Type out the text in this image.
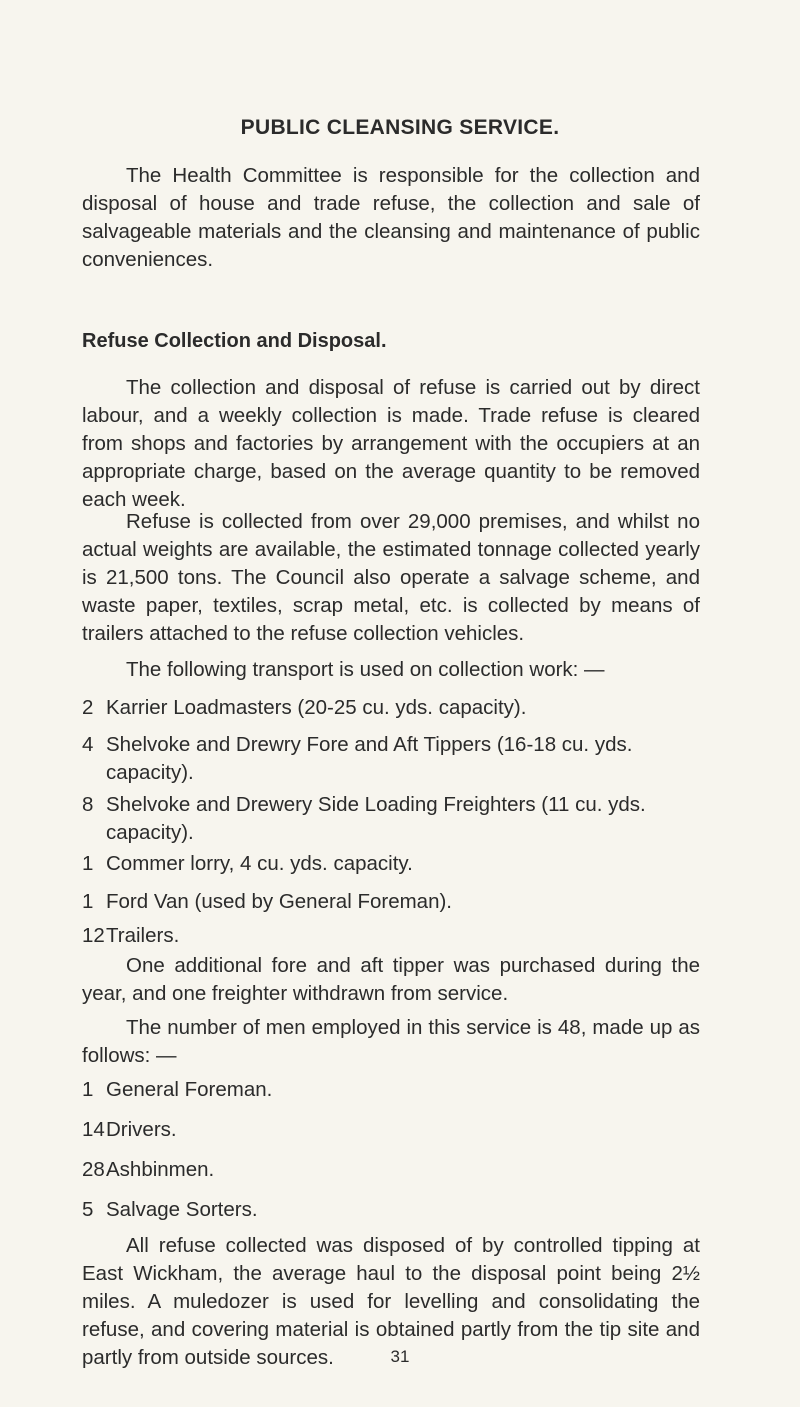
PUBLIC CLEANSING SERVICE.

The Health Committee is responsible for the collection and disposal of house and trade refuse, the collection and sale of salvageable materials and the cleansing and maintenance of public conveniences.

Refuse Collection and Disposal.

The collection and disposal of refuse is carried out by direct labour, and a weekly collection is made. Trade refuse is cleared from shops and factories by arrangement with the occupiers at an appropriate charge, based on the average quantity to be removed each week.

Refuse is collected from over 29,000 premises, and whilst no actual weights are available, the estimated tonnage collected yearly is 21,500 tons. The Council also operate a salvage scheme, and waste paper, textiles, scrap metal, etc. is collected by means of trailers attached to the refuse collection vehicles.

The following transport is used on collection work: —

2 Karrier Loadmasters (20-25 cu. yds. capacity).

4 Shelvoke and Drewry Fore and Aft Tippers (16-18 cu. yds. capacity).

8 Shelvoke and Drewery Side Loading Freighters (11 cu. yds. capacity).

1 Commer lorry, 4 cu. yds. capacity.

1 Ford Van (used by General Foreman).

12Trailers.

One additional fore and aft tipper was purchased during the year, and one freighter withdrawn from service.

The number of men employed in this service is 48, made up as follows: —

1 General Foreman.

14Drivers.

28Ashbinmen.

5 Salvage Sorters.

All refuse collected was disposed of by controlled tipping at East Wickham, the average haul to the disposal point being 2½ miles. A muledozer is used for levelling and consolidating the refuse, and covering material is obtained partly from the tip site and partly from outside sources.	31
